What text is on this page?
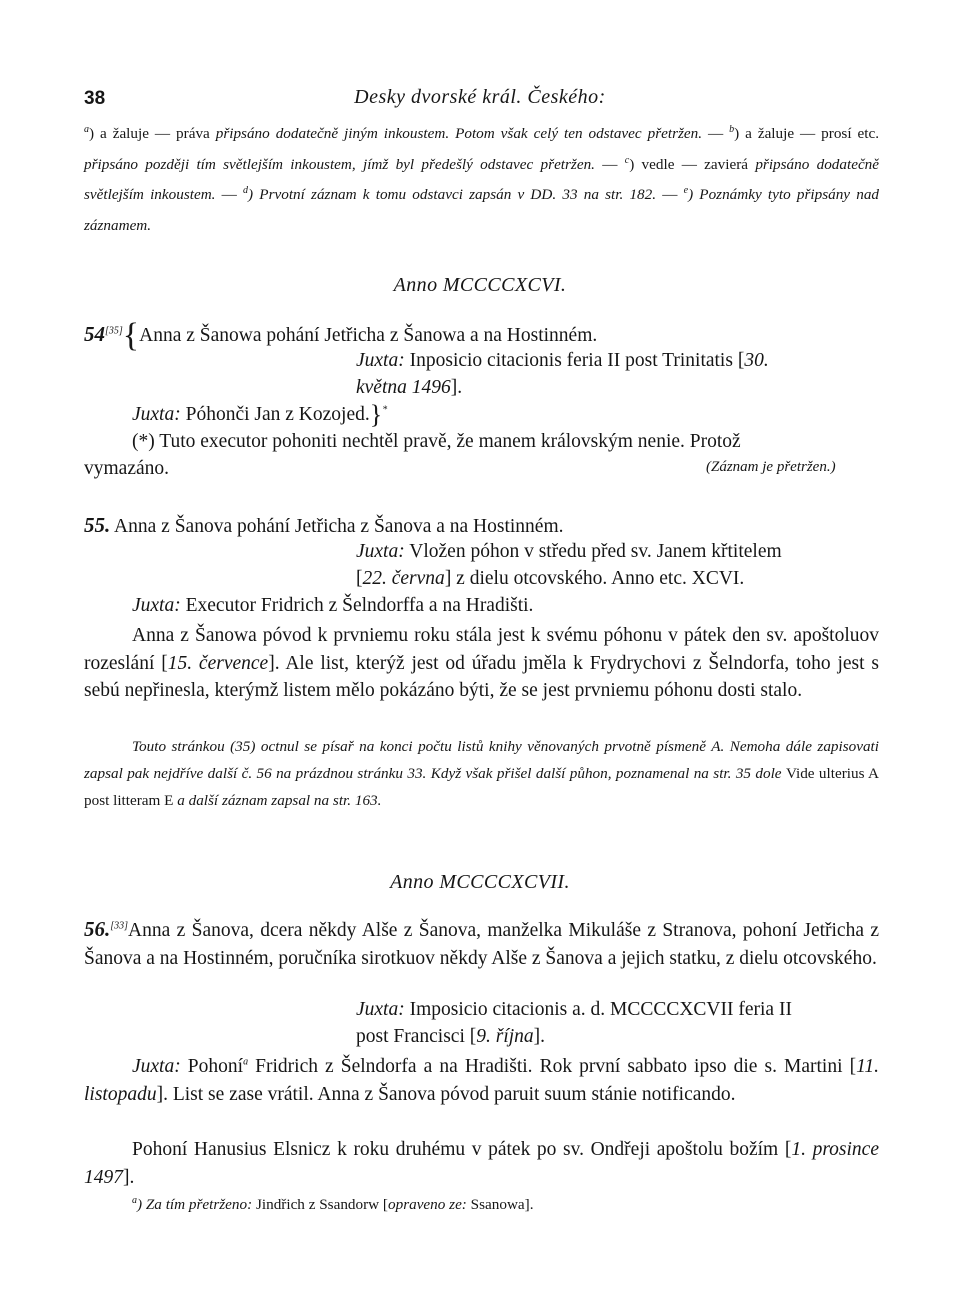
38	Desky dvorské král. Českého:
$^a$) a žaluje — práva připsáno dodatečně jiným inkoustem. Potom však celý ten odstavec přetržen. — $^b$) a žaluje — prosí etc. připsáno později tím světlejším inkoustem, jímž byl předešlý odstavec přetržen. — $^c$) vedle — zavierá připsáno dodatečně světlejším inkoustem. — $^d$) Prvotní záznam k tomu odstavci zapsán v DD. 33 na str. 182. — $^e$) Poznámky tyto připsány nad záznamem.
Anno MCCCCXCVI.
54[35]{Anna z Šanowa pohání Jetřicha z Šanowa a na Hostinném.
Juxta: Inposicio citacionis feria II post Trinitatis [30.
května 1496].
Juxta: Póhonči Jan z Kozojed.}*
(*) Tuto executor pohoniti nechtěl pravě, že manem královským nenie. Protož
vymazáno.	(Záznam je přetržen.)
55. Anna z Šanova pohání Jetřicha z Šanova a na Hostinném.
Juxta: Vložen póhon v středu před sv. Janem křtitelem
[22. června] z dielu otcovského. Anno etc. XCVI.
Juxta: Executor Fridrich z Šelndorffa a na Hradišti.
Anna z Šanowa póvod k prvniemu roku stála jest k svému póhonu v pátek den sv. apoštoluov rozeslání [15. července]. Ale list, kterýž jest od úřadu jměla k Frydrychovi z Šelndorfa, toho jest s sebú nepřinesla, kterýmž listem mělo pokázáno býti, že se jest prvniemu póhonu dosti stalo.
Touto stránkou (35) octnul se písař na konci počtu listů knihy věnovaných prvotně písmeně A. Nemoha dále zapisovati zapsal pak nejdříve další č. 56 na prázdnou stránku 33. Když však přišel další půhon, poznamenal na str. 35 dole Vide ulterius A post litteram E a další záznam zapsal na str. 163.
Anno MCCCCXCVII.
56.[33]Anna z Šanova, dcera někdy Alše z Šanova, manželka Mikuláše z Stranova, pohoní Jetřicha z Šanova a na Hostinném, poručníka sirotkuov někdy Alše z Šanova a jejich statku, z dielu otcovského.
Juxta: Imposicio citacionis a. d. MCCCCXCVII feria II
post Francisci [9. října].
Juxta: Pohoní$^a$ Fridrich z Šelndorfa a na Hradišti. Rok první sabbato ipso die s. Martini [11. listopadu]. List se zase vrátil. Anna z Šanova póvod paruit suum stánie notificando.
Pohoní Hanusius Elsnicz k roku druhému v pátek po sv. Ondřeji apoštolu božím [1. prosince 1497].
$^a$) Za tím přetrženo: Jindřich z Ssandorw [opraveno ze: Ssanowa].
